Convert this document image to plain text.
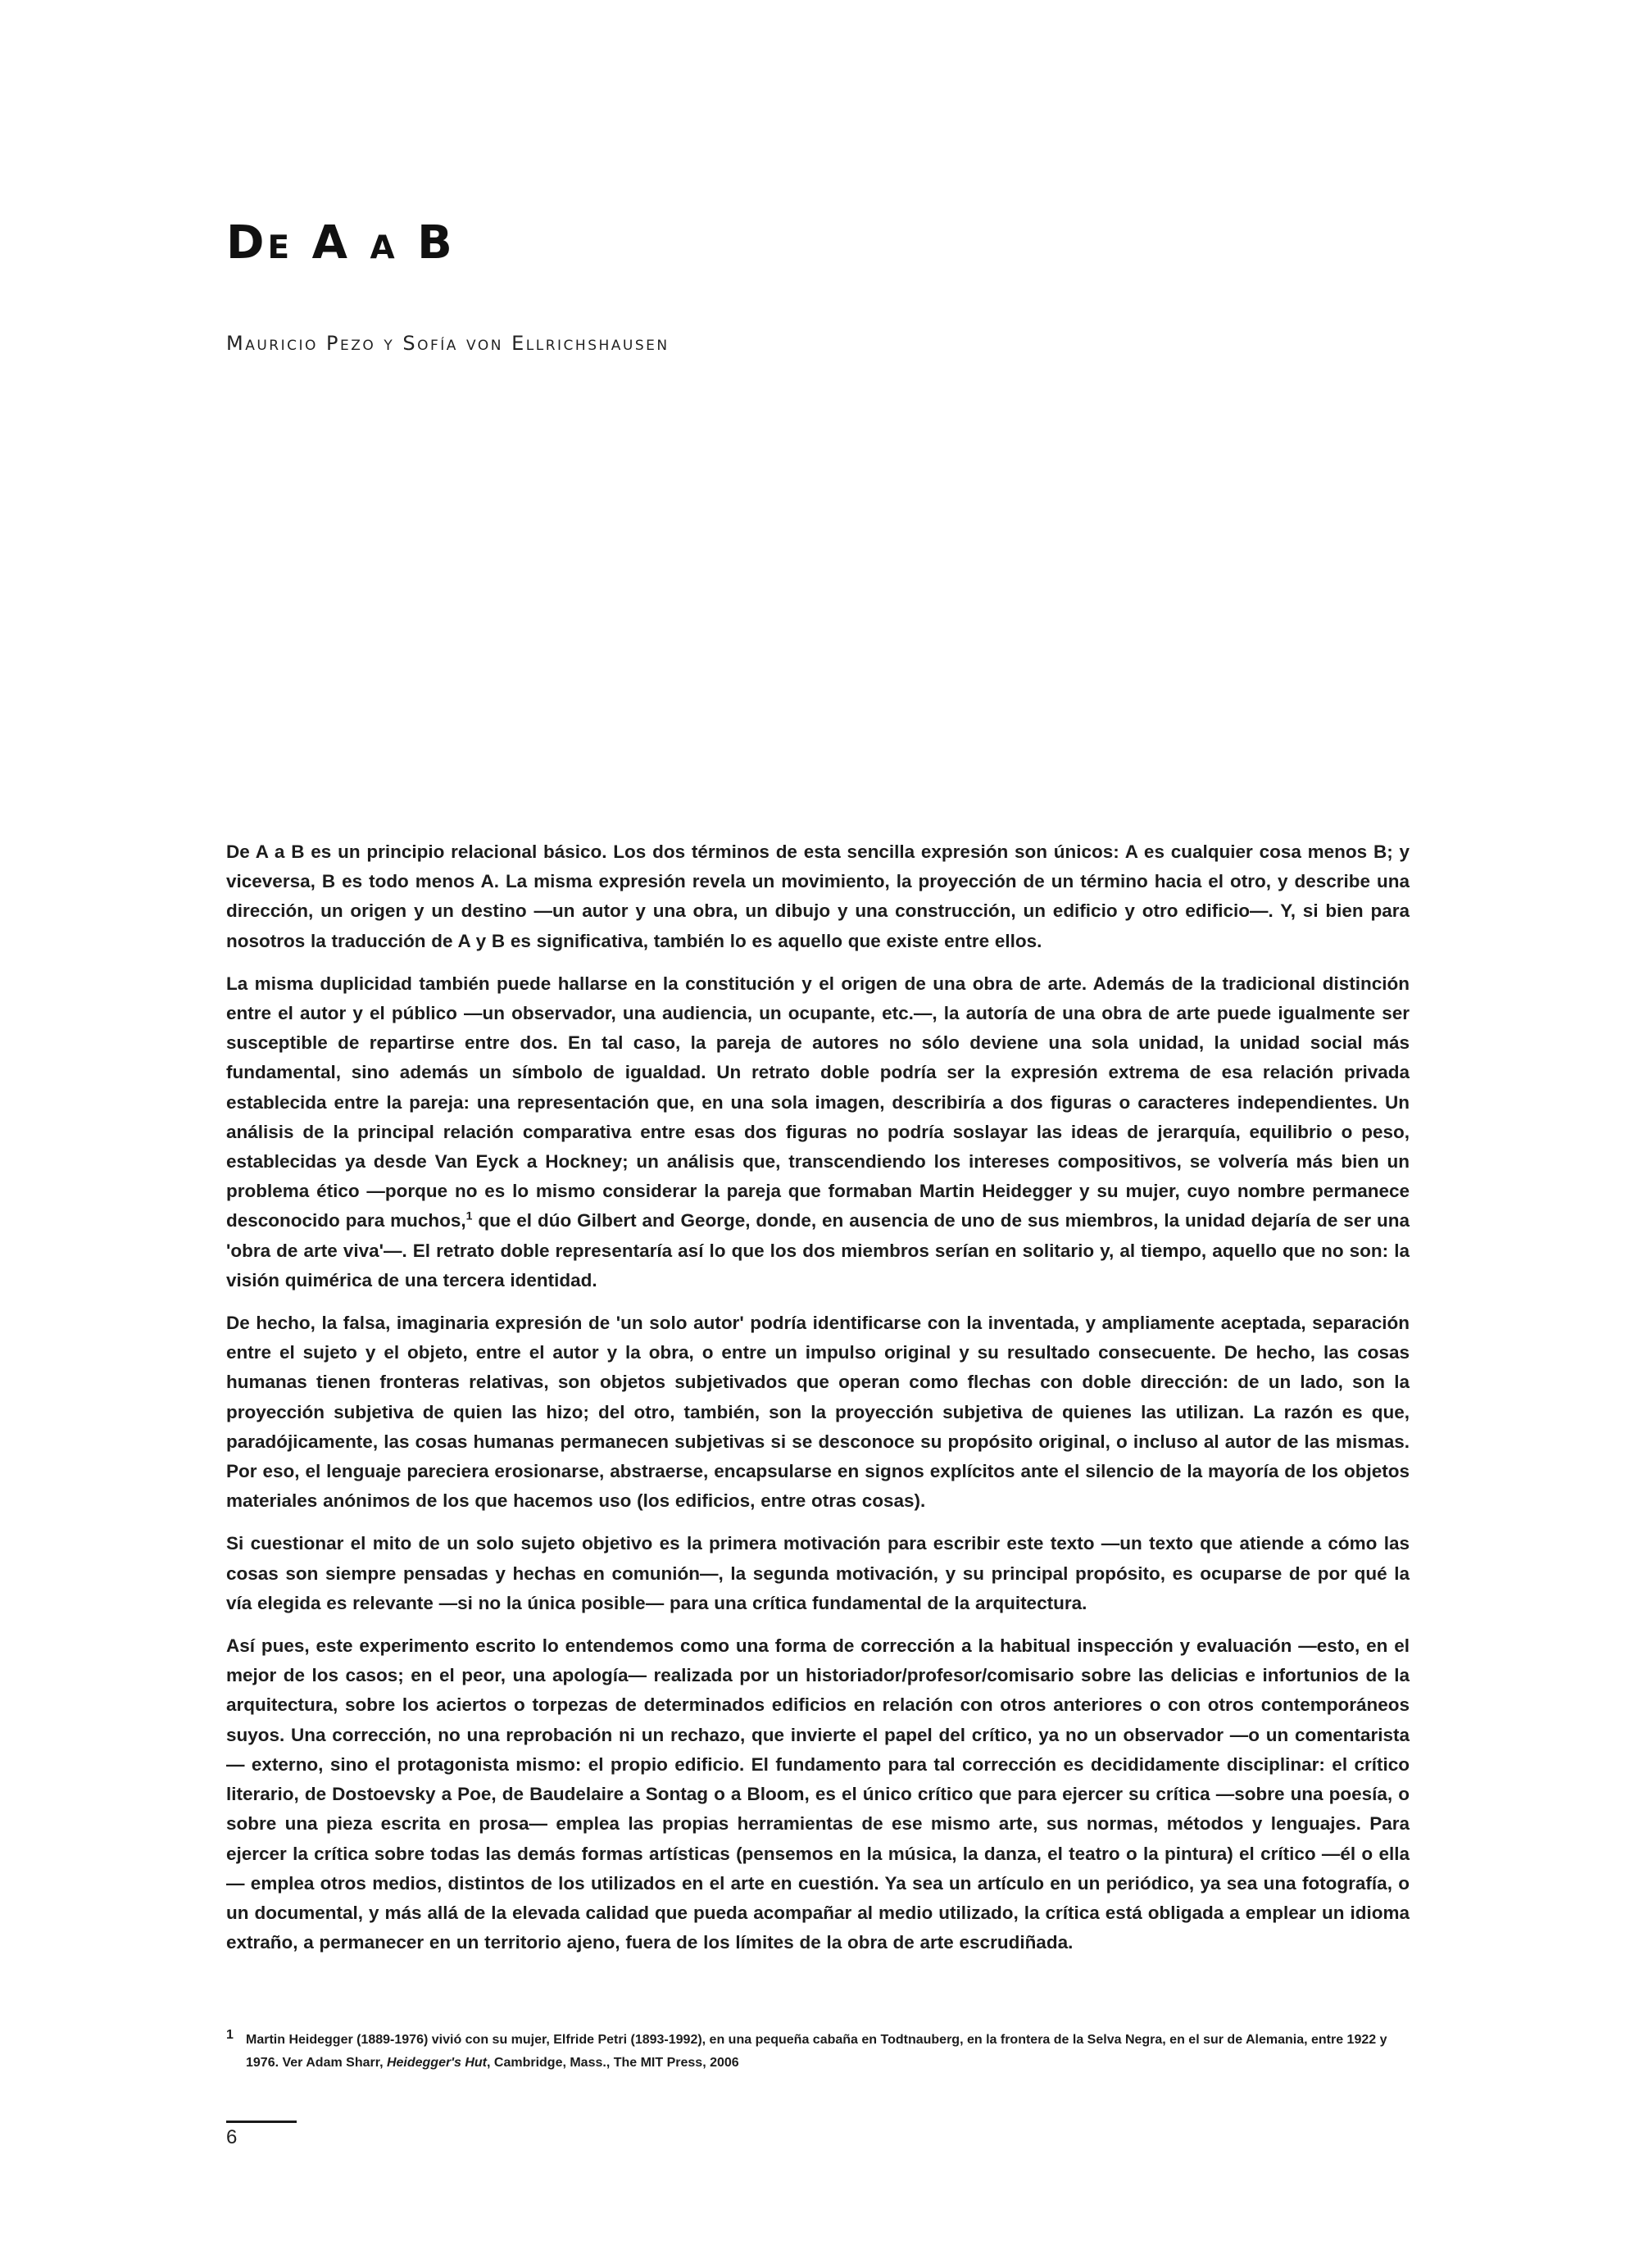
De A a B
Mauricio Pezo y Sofía von Ellrichshausen

De A a B es un principio relacional básico. Los dos términos de esta sencilla expresión son únicos: A es cualquier cosa menos B; y viceversa, B es todo menos A. La misma expresión revela un movimiento, la proyección de un término hacia el otro, y describe una dirección, un origen y un destino —un autor y una obra, un dibujo y una construcción, un edificio y otro edificio—. Y, si bien para nosotros la traducción de A y B es significativa, también lo es aquello que existe entre ellos.

La misma duplicidad también puede hallarse en la constitución y el origen de una obra de arte. Además de la tradicional distinción entre el autor y el público —un observador, una audiencia, un ocupante, etc.—, la autoría de una obra de arte puede igualmente ser susceptible de repartirse entre dos. En tal caso, la pareja de autores no sólo deviene una sola unidad, la unidad social más fundamental, sino además un símbolo de igualdad. Un retrato doble podría ser la expresión extrema de esa relación privada establecida entre la pareja: una representación que, en una sola imagen, describiría a dos figuras o caracteres independientes. Un análisis de la principal relación comparativa entre esas dos figuras no podría soslayar las ideas de jerarquía, equilibrio o peso, establecidas ya desde Van Eyck a Hockney; un análisis que, transcendiendo los intereses compositivos, se volvería más bien un problema ético —porque no es lo mismo considerar la pareja que formaban Martin Heidegger y su mujer, cuyo nombre permanece desconocido para muchos,$^1$ que el dúo Gilbert and George, donde, en ausencia de uno de sus miembros, la unidad dejaría de ser una 'obra de arte viva'—. El retrato doble representaría así lo que los dos miembros serían en solitario y, al tiempo, aquello que no son: la visión quimérica de una tercera identidad.

De hecho, la falsa, imaginaria expresión de 'un solo autor' podría identificarse con la inventada, y ampliamente aceptada, separación entre el sujeto y el objeto, entre el autor y la obra, o entre un impulso original y su resultado consecuente. De hecho, las cosas humanas tienen fronteras relativas, son objetos subjetivados que operan como flechas con doble dirección: de un lado, son la proyección subjetiva de quien las hizo; del otro, también, son la proyección subjetiva de quienes las utilizan. La razón es que, paradójicamente, las cosas humanas permanecen subjetivas si se desconoce su propósito original, o incluso al autor de las mismas. Por eso, el lenguaje pareciera erosionarse, abstraerse, encapsularse en signos explícitos ante el silencio de la mayoría de los objetos materiales anónimos de los que hacemos uso (los edificios, entre otras cosas).

Si cuestionar el mito de un solo sujeto objetivo es la primera motivación para escribir este texto —un texto que atiende a cómo las cosas son siempre pensadas y hechas en comunión—, la segunda motivación, y su principal propósito, es ocuparse de por qué la vía elegida es relevante —si no la única posible— para una crítica fundamental de la arquitectura.

Así pues, este experimento escrito lo entendemos como una forma de corrección a la habitual inspección y evaluación —esto, en el mejor de los casos; en el peor, una apología— realizada por un historiador/profesor/comisario sobre las delicias e infortunios de la arquitectura, sobre los aciertos o torpezas de determinados edificios en relación con otros anteriores o con otros contemporáneos suyos. Una corrección, no una reprobación ni un rechazo, que invierte el papel del crítico, ya no un observador —o un comentarista— externo, sino el protagonista mismo: el propio edificio. El fundamento para tal corrección es decididamente disciplinar: el crítico literario, de Dostoevsky a Poe, de Baudelaire a Sontag o a Bloom, es el único crítico que para ejercer su crítica —sobre una poesía, o sobre una pieza escrita en prosa— emplea las propias herramientas de ese mismo arte, sus normas, métodos y lenguajes. Para ejercer la crítica sobre todas las demás formas artísticas (pensemos en la música, la danza, el teatro o la pintura) el crítico —él o ella— emplea otros medios, distintos de los utilizados en el arte en cuestión. Ya sea un artículo en un periódico, ya sea una fotografía, o un documental, y más allá de la elevada calidad que pueda acompañar al medio utilizado, la crítica está obligada a emplear un idioma extraño, a permanecer en un territorio ajeno, fuera de los límites de la obra de arte escrudiñada.

1 Martin Heidegger (1889-1976) vivió con su mujer, Elfride Petri (1893-1992), en una pequeña cabaña en Todtnauberg, en la frontera de la Selva Negra, en el sur de Alemania, entre 1922 y 1976. Ver Adam Sharr, Heidegger's Hut, Cambridge, Mass., The MIT Press, 2006
6
